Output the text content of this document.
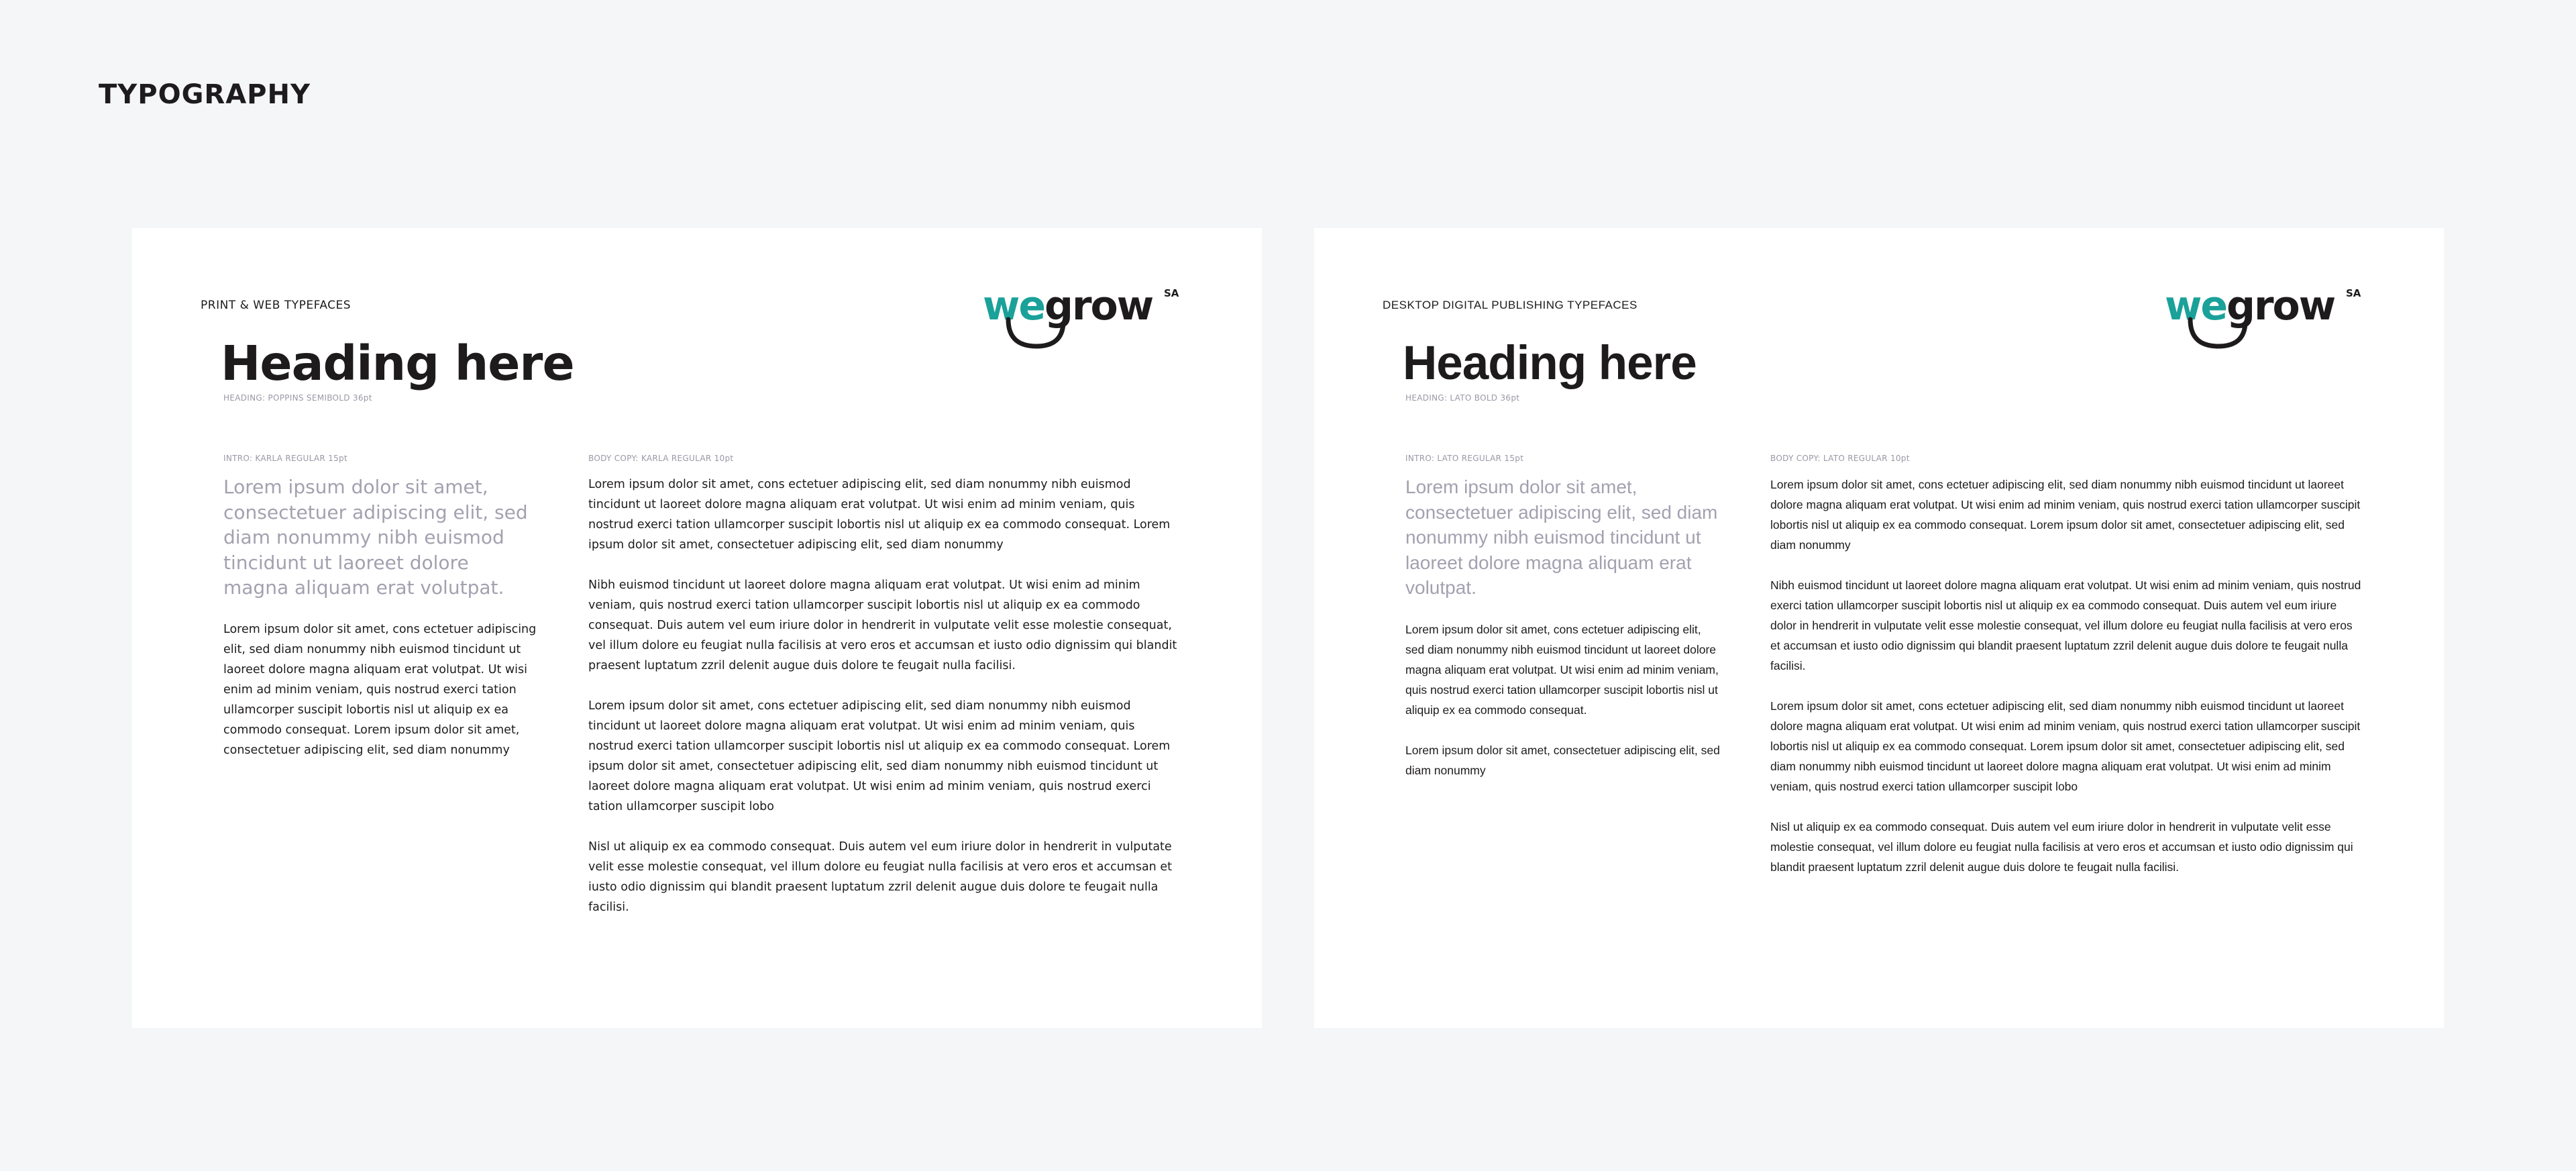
TYPOGRAPHY
PRINT & WEB TYPEFACES	we grow SA
Heading here
HEADING: POPPINS SEMIBOLD 36pt
INTRO: KARLA REGULAR 15pt	BODY COPY: KARLA REGULAR 10pt
Lorem ipsum dolor sit amet, consectetuer adipiscing elit, sed diam nonummy nibh euismod tincidunt ut laoreet dolore magna aliquam erat volutpat.

Lorem ipsum dolor sit amet, cons ectetuer adipiscing elit, sed diam nonummy nibh euismod tincidunt ut laoreet dolore magna aliquam erat volutpat. Ut wisi enim ad minim veniam, quis nostrud exerci tation ullamcorper suscipit lobortis nisl ut aliquip ex ea commodo consequat. Lorem ipsum dolor sit amet, consectetuer adipiscing elit, sed diam nonummy

Lorem ipsum dolor sit amet, cons ectetuer adipiscing elit, sed diam nonummy nibh euismod tincidunt ut laoreet dolore magna aliquam erat volutpat. Ut wisi enim ad minim veniam, quis nostrud exerci tation ullamcorper suscipit lobortis nisl ut aliquip ex ea commodo consequat. Lorem ipsum dolor sit amet, consectetuer adipiscing elit, sed diam nonummy

Nibh euismod tincidunt ut laoreet dolore magna aliquam erat volutpat. Ut wisi enim ad minim veniam, quis nostrud exerci tation ullamcorper suscipit lobortis nisl ut aliquip ex ea commodo consequat. Duis autem vel eum iriure dolor in hendrerit in vulputate velit esse molestie consequat, vel illum dolore eu feugiat nulla facilisis at vero eros et accumsan et iusto odio dignissim qui blandit praesent luptatum zzril delenit augue duis dolore te feugait nulla facilisi.

Lorem ipsum dolor sit amet, cons ectetuer adipiscing elit, sed diam nonummy nibh euismod tincidunt ut laoreet dolore magna aliquam erat volutpat. Ut wisi enim ad minim veniam, quis nostrud exerci tation ullamcorper suscipit lobortis nisl ut aliquip ex ea commodo consequat. Lorem ipsum dolor sit amet, consectetuer adipiscing elit, sed diam nonummy nibh euismod tincidunt ut laoreet dolore magna aliquam erat volutpat. Ut wisi enim ad minim veniam, quis nostrud exerci tation ullamcorper suscipit lobo

Nisl ut aliquip ex ea commodo consequat. Duis autem vel eum iriure dolor in hendrerit in vulputate velit esse molestie consequat, vel illum dolore eu feugiat nulla facilisis at vero eros et accumsan et iusto odio dignissim qui blandit praesent luptatum zzril delenit augue duis dolore te feugait nulla facilisi.

DESKTOP DIGITAL PUBLISHING TYPEFACES	we grow SA
Heading here
HEADING: LATO BOLD 36pt
INTRO: LATO REGULAR 15pt	BODY COPY: LATO REGULAR 10pt
Lorem ipsum dolor sit amet, consectetuer adipiscing elit, sed diam nonummy nibh euismod tincidunt ut laoreet dolore magna aliquam erat volutpat.

Lorem ipsum dolor sit amet, cons ectetuer adipiscing elit, sed diam nonummy nibh euismod tincidunt ut laoreet dolore magna aliquam erat volutpat. Ut wisi enim ad minim veniam, quis nostrud exerci tation ullamcorper suscipit lobortis nisl ut aliquip ex ea commodo consequat.

Lorem ipsum dolor sit amet, consectetuer adipiscing elit, sed diam nonummy

Lorem ipsum dolor sit amet, cons ectetuer adipiscing elit, sed diam nonummy nibh euismod tincidunt ut laoreet dolore magna aliquam erat volutpat. Ut wisi enim ad minim veniam, quis nostrud exerci tation ullamcorper suscipit lobortis nisl ut aliquip ex ea commodo consequat. Lorem ipsum dolor sit amet, consectetuer adipiscing elit, sed diam nonummy

Nibh euismod tincidunt ut laoreet dolore magna aliquam erat volutpat. Ut wisi enim ad minim veniam, quis nostrud exerci tation ullamcorper suscipit lobortis nisl ut aliquip ex ea commodo consequat. Duis autem vel eum iriure dolor in hendrerit in vulputate velit esse molestie consequat, vel illum dolore eu feugiat nulla facilisis at vero eros et accumsan et iusto odio dignissim qui blandit praesent luptatum zzril delenit augue duis dolore te feugait nulla facilisi.

Lorem ipsum dolor sit amet, cons ectetuer adipiscing elit, sed diam nonummy nibh euismod tincidunt ut laoreet dolore magna aliquam erat volutpat. Ut wisi enim ad minim veniam, quis nostrud exerci tation ullamcorper suscipit lobortis nisl ut aliquip ex ea commodo consequat. Lorem ipsum dolor sit amet, consectetuer adipiscing elit, sed diam nonummy nibh euismod tincidunt ut laoreet dolore magna aliquam erat volutpat. Ut wisi enim ad minim veniam, quis nostrud exerci tation ullamcorper suscipit lobo

Nisl ut aliquip ex ea commodo consequat. Duis autem vel eum iriure dolor in hendrerit in vulputate velit esse molestie consequat, vel illum dolore eu feugiat nulla facilisis at vero eros et accumsan et iusto odio dignissim qui blandit praesent luptatum zzril delenit augue duis dolore te feugait nulla facilisi.
